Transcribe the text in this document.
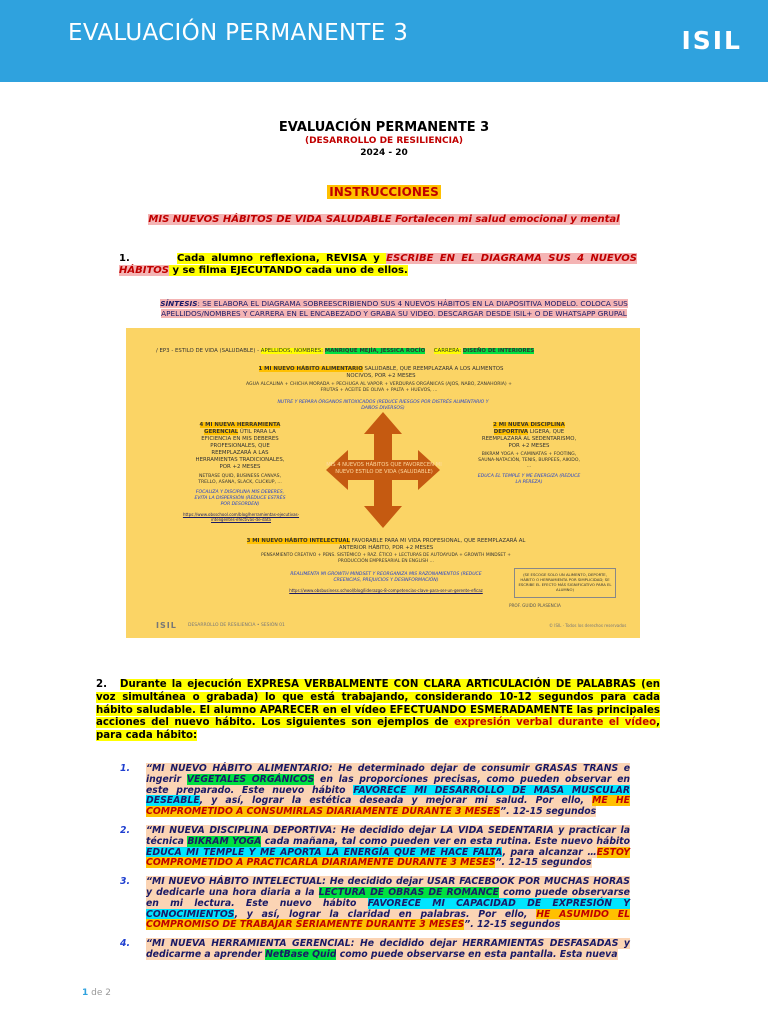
EVALUACIÓN PERMANENTE 3	ISIL
EVALUACIÓN PERMANENTE 3
(DESARROLLO DE RESILIENCIA)
2024 - 20
INSTRUCCIONES
MIS NUEVOS HÁBITOS DE VIDA SALUDABLE Fortalecen mi salud emocional y mental
1.	Cada alumno reflexiona, REVISA y ESCRIBE EN EL DIAGRAMA SUS 4 NUEVOS HÁBITOS y se filma EJECUTANDO cada uno de ellos.
SÍNTESIS: SE ELABORA EL DIAGRAMA SOBREESCRIBIENDO SUS 4 NUEVOS HÁBITOS EN LA DIAPOSITIVA MODELO. COLOCA SUS APELLIDOS/NOMBRES Y CARRERA EN EL ENCABEZADO Y GRABA SU VIDEO. DESCARGAR DESDE ISIL+ O DE WHATSAPP GRUPAL
/ EP3 - ESTILO DE VIDA (SALUDABLE) - APELLIDOS, NOMBRES: MANRIQUE MEJÍA, JESSICA ROCÍO CARRERA: DISEÑO DE INTERIORES
1 MI NUEVO HÁBITO ALIMENTARIO SALUDABLE, QUE REEMPLAZARÁ A LOS ALIMENTOS NOCIVOS, POR +2 MESES
AGUA ALCALINA + CHICHA MORADA + PECHUGA AL VAPOR + VERDURAS ORGÁNICAS (AJOS, NABO, ZANAHORIA) + FRUTAS + ACEITE DE OLIVA + PALTA + HUEVOS, ...
NUTRE Y REPARA ÓRGANOS INTOXICADOS (REDUCE RIESGOS POR DISTRÉS ALIMENTARIO Y DAÑOS DIVERSOS)
4 MI NUEVA HERRAMIENTA GERENCIAL ÚTIL PARA LA EFICIENCIA EN MIS DEBERES PROFESIONALES, QUE REEMPLAZARÁ A LAS HERRAMIENTAS TRADICIONALES, POR +2 MESES
NETBASE QUID, BUSINESS CANVAS, TRELLO, ASANA, SLACK, CLICKUP, ...
FOCALIZA Y DISCIPLINA MIS DEBERES, EVITA LA DISPERSIÓN (REDUCE ESTRÉS POR DESORDEN)
https://www.obsschool.com/blog/herramientas-ejecutivas-inteligentes-efectivas-de-data
2 MI NUEVA DISCIPLINA DEPORTIVA LIGERA, QUE REEMPLAZARÁ AL SEDENTARISMO, POR +2 MESES
BIKRAM YOGA + CAMINATAS + FOOTING, SAUNA-NATACIÓN, TENIS, BURPEES, AIKIDO, ...
EDUCA EL TEMPLE Y ME ENERGIZA (REDUCE LA PEREZA)
MIS 4 NUEVOS HÁBITOS QUE FAVORECEN MI NUEVO ESTILO DE VIDA (SALUDABLE)
3 MI NUEVO HÁBITO INTELECTUAL FAVORABLE PARA MI VIDA PROFESIONAL, QUE REEMPLAZARÁ AL ANTERIOR HÁBITO, POR +2 MESES
PENSAMIENTO CREATIVO + PENS. SISTÉMICO + RAZ. ÉTICO + LECTURAS DE AUTOAYUDA + GROWTH MINDSET + PRODUCCIÓN EMPRESARIAL EN ENGLISH ...
REALIMENTA MI GROWTH MINDSET Y REORGANIZA MIS RAZONAMIENTOS (REDUCE CREENCIAS, PREJUICIOS Y DESINFORMACIÓN)
https://www.obsbusiness.school/blog/liderazgo-8-competencias-clave-para-ser-un-gerente-eficaz
(SE ESCOGE SOLO UN ALIMENTO, DEPORTE, HÁBITO O HERRAMIENTA POR SIMPLICIDAD; SE ESCRIBE EL EFECTO MÁS SIGNIFICATIVO PARA EL ALUMNO)
PROF. GUIDO PLASENCIA
ISIL DESARROLLO DE RESILIENCIA • SESIÓN 01	© ISIL · Todos los derechos reservados
2. Durante la ejecución EXPRESA VERBALMENTE CON CLARA ARTICULACIÓN DE PALABRAS (en voz simultánea o grabada) lo que está trabajando, considerando 10-12 segundos para cada hábito saludable. El alumno APARECER en el vídeo EFECTUANDO ESMERADAMENTE las principales acciones del nuevo hábito. Los siguientes son ejemplos de expresión verbal durante el vídeo, para cada hábito:
1. “MI NUEVO HÁBITO ALIMENTARIO: He determinado dejar de consumir GRASAS TRANS e ingerir VEGETALES ORGÁNICOS en las proporciones precisas, como pueden observar en este preparado. Este nuevo hábito FAVORECE MI DESARROLLO DE MASA MUSCULAR DESEABLE, y así, lograr la estética deseada y mejorar mi salud. Por ello, ME HE COMPROMETIDO A CONSUMIRLAS DIARIAMENTE DURANTE 3 MESES”. 12-15 segundos
2. “MI NUEVA DISCIPLINA DEPORTIVA: He decidido dejar LA VIDA SEDENTARIA y practicar la técnica BIKRAM YOGA cada mañana, tal como pueden ver en esta rutina. Este nuevo hábito EDUCA MI TEMPLE Y ME APORTA LA ENERGÍA QUE ME HACE FALTA, para alcanzar …ESTOY COMPROMETIDO A PRACTICARLA DIARIAMENTE DURANTE 3 MESES”. 12-15 segundos
3. “MI NUEVO HÁBITO INTELECTUAL: He decidido dejar USAR FACEBOOK POR MUCHAS HORAS y dedicarle una hora diaria a la LECTURA DE OBRAS DE ROMANCE como puede observarse en mi lectura. Este nuevo hábito FAVORECE MI CAPACIDAD DE EXPRESIÓN Y CONOCIMIENTOS, y así, lograr la claridad en palabras. Por ello, HE ASUMIDO EL COMPROMISO DE TRABAJAR SERIAMENTE DURANTE 3 MESES”. 12-15 segundos
4. “MI NUEVA HERRAMIENTA GERENCIAL: He decidido dejar HERRAMIENTAS DESFASADAS y dedicarme a aprender NetBase Quid como puede observarse en esta pantalla. Esta nueva
1 de 2
